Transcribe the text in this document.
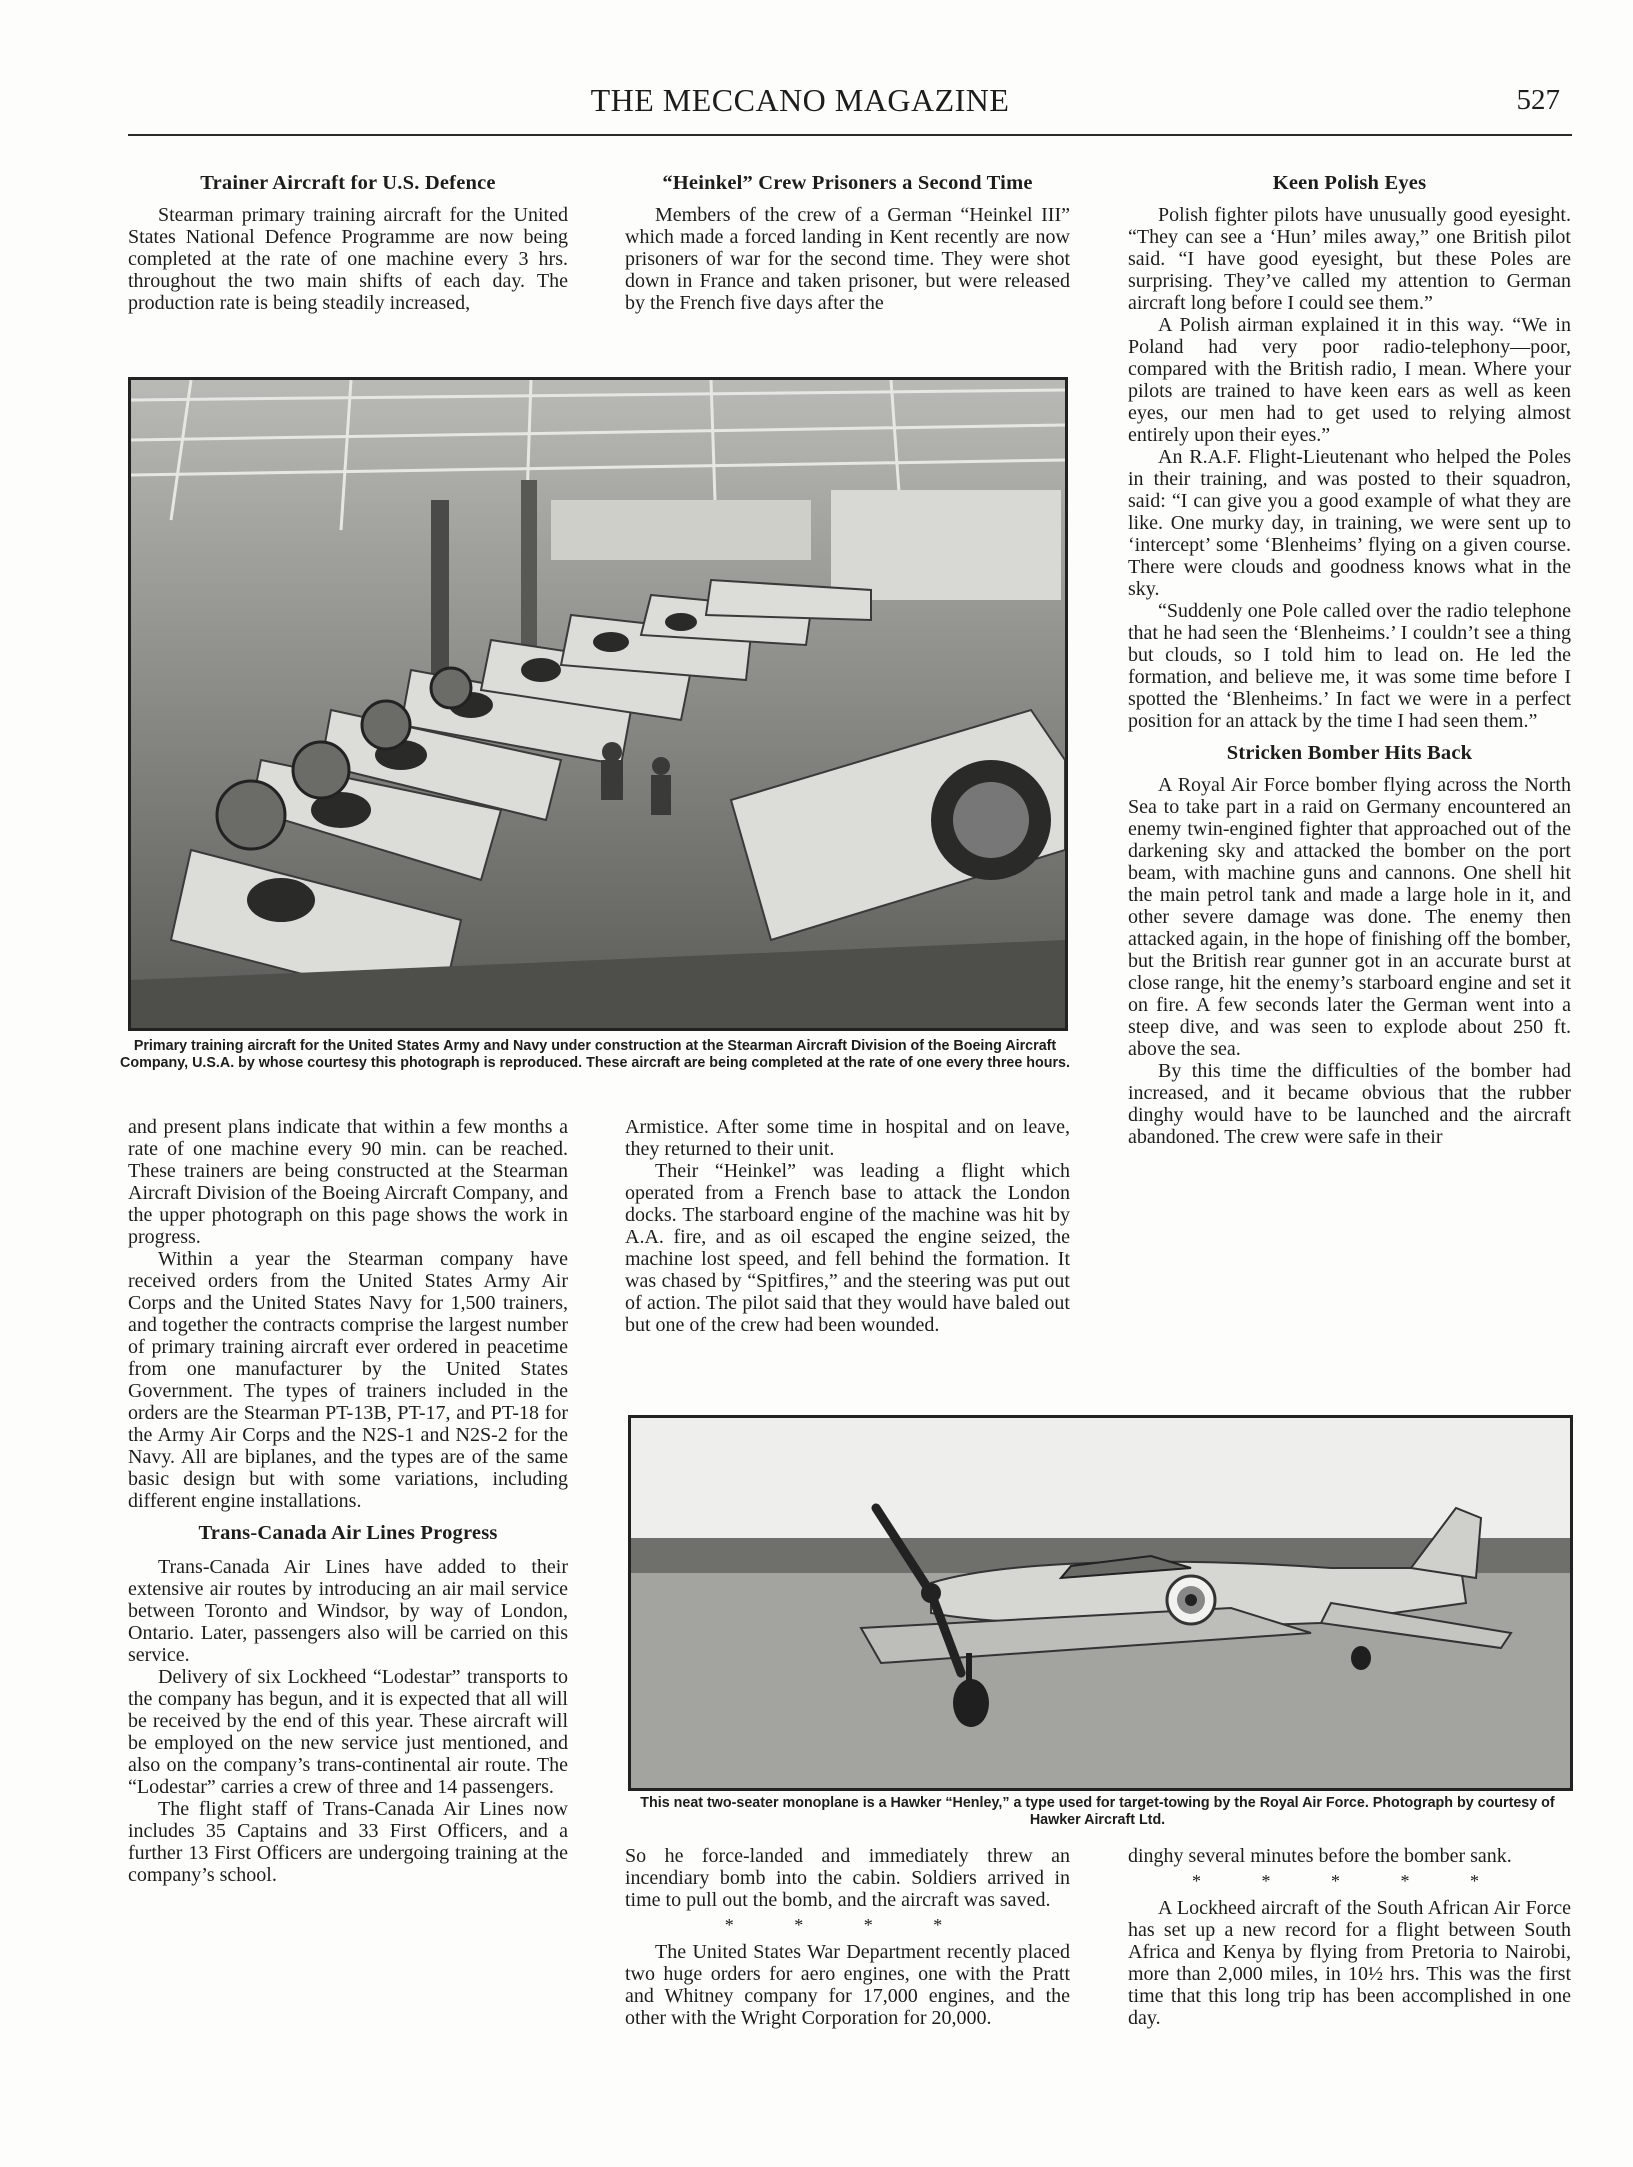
THE MECCANO MAGAZINE	527
Trainer Aircraft for U.S. Defence

Stearman primary training aircraft for the United States National Defence Programme are now being completed at the rate of one machine every 3 hrs. throughout the two main shifts of each day. The production rate is being steadily increased,

“Heinkel” Crew Prisoners a Second Time

Members of the crew of a German “Heinkel III” which made a forced landing in Kent recently are now prisoners of war for the second time. They were shot down in France and taken prisoner, but were released by the French five days after the

Keen Polish Eyes

Polish fighter pilots have unusually good eyesight. “They can see a ‘Hun’ miles away,” one British pilot said. “I have good eyesight, but these Poles are surprising. They’ve called my attention to German aircraft long before I could see them.”

A Polish airman explained it in this way. “We in Poland had very poor radio-telephony—poor, compared with the British radio, I mean. Where your pilots are trained to have keen ears as well as keen eyes, our men had to get used to relying almost entirely upon their eyes.”

An R.A.F. Flight-Lieutenant who helped the Poles in their training, and was posted to their squadron, said: “I can give you a good example of what they are like. One murky day, in training, we were sent up to ‘intercept’ some ‘Blenheims’ flying on a given course. There were clouds and goodness knows what in the sky.

“Suddenly one Pole called over the radio telephone that he had seen the ‘Blenheims.’ I couldn’t see a thing but clouds, so I told him to lead on. He led the formation, and believe me, it was some time before I spotted the ‘Blenheims.’ In fact we were in a perfect position for an attack by the time I had seen them.”

Stricken Bomber Hits Back

A Royal Air Force bomber flying across the North Sea to take part in a raid on Germany encountered an enemy twin-engined fighter that approached out of the darkening sky and attacked the bomber on the port beam, with machine guns and cannons. One shell hit the main petrol tank and made a large hole in it, and other severe damage was done. The enemy then attacked again, in the hope of finishing off the bomber, but the British rear gunner got in an accurate burst at close range, hit the enemy’s starboard engine and set it on fire. A few seconds later the German went into a steep dive, and was seen to explode about 250 ft. above the sea.

By this time the difficulties of the bomber had increased, and it became obvious that the rubber dinghy would have to be launched and the aircraft abandoned. The crew were safe in their

Primary training aircraft for the United States Army and Navy under construction at the Stearman Aircraft Division of the Boeing Aircraft Company, U.S.A. by whose courtesy this photograph is reproduced. These aircraft are being completed at the rate of one every three hours.

and present plans indicate that within a few months a rate of one machine every 90 min. can be reached. These trainers are being constructed at the Stearman Aircraft Division of the Boeing Aircraft Company, and the upper photograph on this page shows the work in progress.

Within a year the Stearman company have received orders from the United States Army Air Corps and the United States Navy for 1,500 trainers, and together the contracts comprise the largest number of primary training aircraft ever ordered in peacetime from one manufacturer by the United States Government. The types of trainers included in the orders are the Stearman PT-13B, PT-17, and PT-18 for the Army Air Corps and the N2S-1 and N2S-2 for the Navy. All are biplanes, and the types are of the same basic design but with some variations, including different engine installations.

Trans-Canada Air Lines Progress

Trans-Canada Air Lines have added to their extensive air routes by introducing an air mail service between Toronto and Windsor, by way of London, Ontario. Later, passengers also will be carried on this service.

Delivery of six Lockheed “Lodestar” transports to the company has begun, and it is expected that all will be received by the end of this year. These aircraft will be employed on the new service just mentioned, and also on the company’s trans-continental air route. The “Lodestar” carries a crew of three and 14 passengers.

The flight staff of Trans-Canada Air Lines now includes 35 Captains and 33 First Officers, and a further 13 First Officers are undergoing training at the company’s school.

Armistice. After some time in hospital and on leave, they returned to their unit.

Their “Heinkel” was leading a flight which operated from a French base to attack the London docks. The starboard engine of the machine was hit by A.A. fire, and as oil escaped the engine seized, the machine lost speed, and fell behind the formation. It was chased by “Spitfires,” and the steering was put out of action. The pilot said that they would have baled out but one of the crew had been wounded.

This neat two-seater monoplane is a Hawker “Henley,” a type used for target-towing by the Royal Air Force. Photograph by courtesy of Hawker Aircraft Ltd.

So he force-landed and immediately threw an incendiary bomb into the cabin. Soldiers arrived in time to pull out the bomb, and the aircraft was saved.

* * * *

The United States War Department recently placed two huge orders for aero engines, one with the Pratt and Whitney company for 17,000 engines, and the other with the Wright Corporation for 20,000.

dinghy several minutes before the bomber sank.

* * * * *

A Lockheed aircraft of the South African Air Force has set up a new record for a flight between South Africa and Kenya by flying from Pretoria to Nairobi, more than 2,000 miles, in 10½ hrs. This was the first time that this long trip has been accomplished in one day.
